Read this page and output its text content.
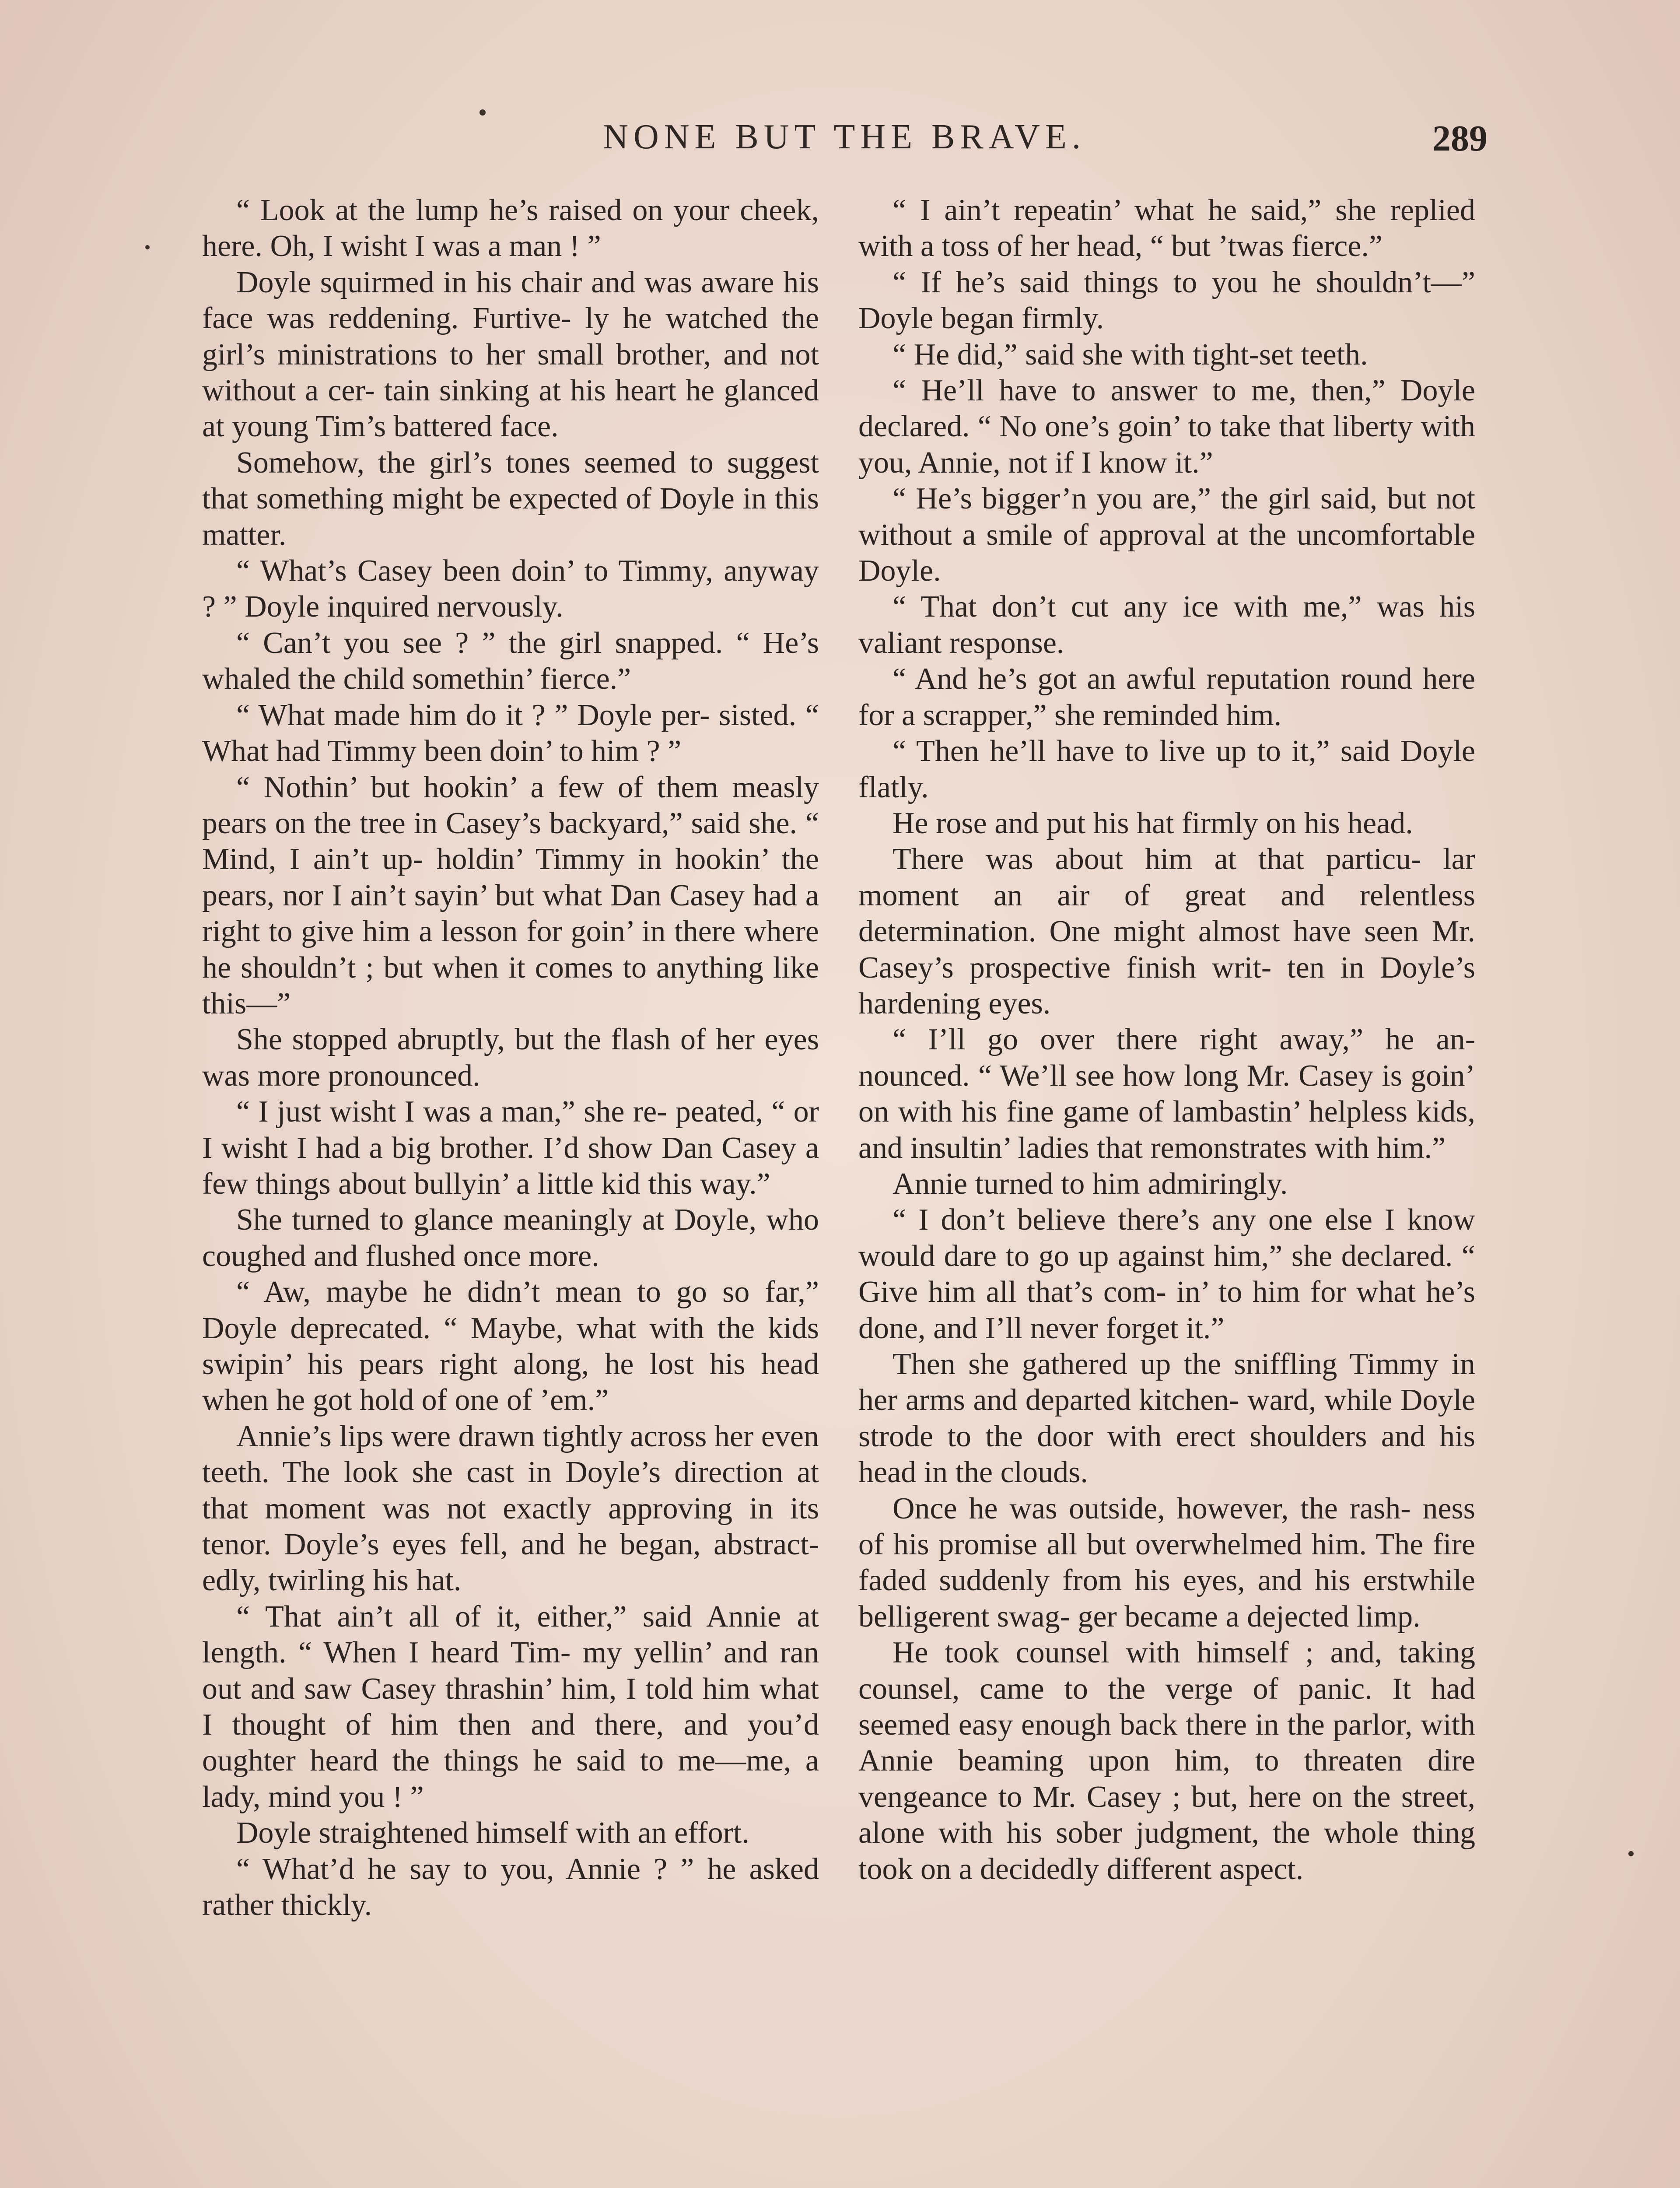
NONE BUT THE BRAVE.	289

“ Look at the lump he’s raised on your cheek, here. Oh, I wisht I was a man ! ”

Doyle squirmed in his chair and was aware his face was reddening. Furtive- ly he watched the girl’s ministrations to her small brother, and not without a cer- tain sinking at his heart he glanced at young Tim’s battered face.

Somehow, the girl’s tones seemed to suggest that something might be expected of Doyle in this matter.

“ What’s Casey been doin’ to Timmy, anyway ? ” Doyle inquired nervously.

“ Can’t you see ? ” the girl snapped. “ He’s whaled the child somethin’ fierce.”

“ What made him do it ? ” Doyle per- sisted. “ What had Timmy been doin’ to him ? ”

“ Nothin’ but hookin’ a few of them measly pears on the tree in Casey’s backyard,” said she. “ Mind, I ain’t up- holdin’ Timmy in hookin’ the pears, nor I ain’t sayin’ but what Dan Casey had a right to give him a lesson for goin’ in there where he shouldn’t ; but when it comes to anything like this—”

She stopped abruptly, but the flash of her eyes was more pronounced.

“ I just wisht I was a man,” she re- peated, “ or I wisht I had a big brother. I’d show Dan Casey a few things about bullyin’ a little kid this way.”

She turned to glance meaningly at Doyle, who coughed and flushed once more.

“ Aw, maybe he didn’t mean to go so far,” Doyle deprecated. “ Maybe, what with the kids swipin’ his pears right along, he lost his head when he got hold of one of ’em.”

Annie’s lips were drawn tightly across her even teeth. The look she cast in Doyle’s direction at that moment was not exactly approving in its tenor. Doyle’s eyes fell, and he began, abstract- edly, twirling his hat.

“ That ain’t all of it, either,” said Annie at length. “ When I heard Tim- my yellin’ and ran out and saw Casey thrashin’ him, I told him what I thought of him then and there, and you’d oughter heard the things he said to me—me, a lady, mind you ! ”

Doyle straightened himself with an effort.

“ What’d he say to you, Annie ? ” he asked rather thickly.

“ I ain’t repeatin’ what he said,” she replied with a toss of her head, “ but ’twas fierce.”

“ If he’s said things to you he shouldn’t—” Doyle began firmly.

“ He did,” said she with tight-set teeth.

“ He’ll have to answer to me, then,” Doyle declared. “ No one’s goin’ to take that liberty with you, Annie, not if I know it.”

“ He’s bigger’n you are,” the girl said, but not without a smile of approval at the uncomfortable Doyle.

“ That don’t cut any ice with me,” was his valiant response.

“ And he’s got an awful reputation round here for a scrapper,” she reminded him.

“ Then he’ll have to live up to it,” said Doyle flatly.

He rose and put his hat firmly on his head.

There was about him at that particu- lar moment an air of great and relentless determination. One might almost have seen Mr. Casey’s prospective finish writ- ten in Doyle’s hardening eyes.

“ I’ll go over there right away,” he an- nounced. “ We’ll see how long Mr. Casey is goin’ on with his fine game of lambastin’ helpless kids, and insultin’ ladies that remonstrates with him.”

Annie turned to him admiringly.

“ I don’t believe there’s any one else I know would dare to go up against him,” she declared. “ Give him all that’s com- in’ to him for what he’s done, and I’ll never forget it.”

Then she gathered up the sniffling Timmy in her arms and departed kitchen- ward, while Doyle strode to the door with erect shoulders and his head in the clouds.

Once he was outside, however, the rash- ness of his promise all but overwhelmed him. The fire faded suddenly from his eyes, and his erstwhile belligerent swag- ger became a dejected limp.

He took counsel with himself ; and, taking counsel, came to the verge of panic. It had seemed easy enough back there in the parlor, with Annie beaming upon him, to threaten dire vengeance to Mr. Casey ; but, here on the street, alone with his sober judgment, the whole thing took on a decidedly different aspect.
